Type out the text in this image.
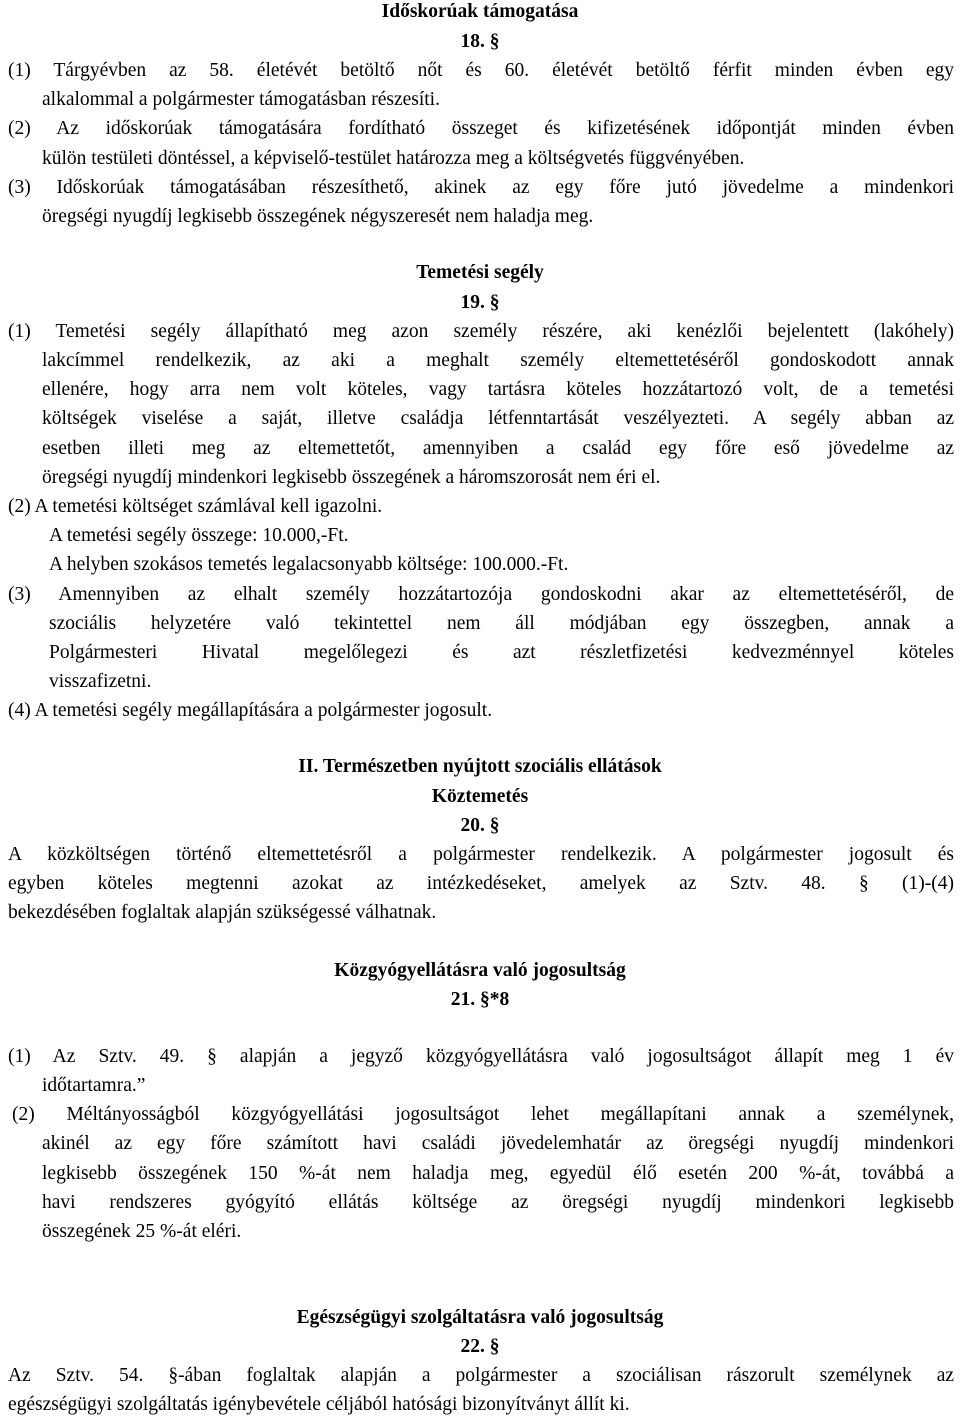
Időskorúak támogatása
18. §
(1) Tárgyévben az 58. életévét betöltő nőt és 60. életévét betöltő férfit minden évben egy
alkalommal a polgármester támogatásban részesíti.
(2) Az időskorúak támogatására fordítható összeget és kifizetésének időpontját minden évben
külön testületi döntéssel, a képviselő-testület határozza meg a költségvetés függvényében.
(3) Időskorúak támogatásában részesíthető, akinek az egy főre jutó jövedelme a mindenkori
öregségi nyugdíj legkisebb összegének négyszeresét nem haladja meg.
Temetési segély
19. §
(1) Temetési segély állapítható meg azon személy részére, aki kenézlői bejelentett (lakóhely)
lakcímmel rendelkezik, az aki a meghalt személy eltemettetéséről gondoskodott annak
ellenére, hogy arra nem volt köteles, vagy tartásra köteles hozzátartozó volt, de a temetési
költségek viselése a saját, illetve családja létfenntartását veszélyezteti. A segély abban az
esetben illeti meg az eltemettetőt, amennyiben a család egy főre eső jövedelme az
öregségi nyugdíj mindenkori legkisebb összegének a háromszorosát nem éri el.
(2) A temetési költséget számlával kell igazolni.
A temetési segély összege: 10.000,-Ft.
A helyben szokásos temetés legalacsonyabb költsége: 100.000.-Ft.
(3) Amennyiben az elhalt személy hozzátartozója gondoskodni akar az eltemettetéséről, de
szociális helyzetére való tekintettel nem áll módjában egy összegben, annak a
Polgármesteri Hivatal megelőlegezi és azt részletfizetési kedvezménnyel köteles
visszafizetni.
(4) A temetési segély megállapítására a polgármester jogosult.
II. Természetben nyújtott szociális ellátások
Köztemetés
20. §
A közköltségen történő eltemettetésről a polgármester rendelkezik. A polgármester jogosult és
egyben köteles megtenni azokat az intézkedéseket, amelyek az Sztv. 48. § (1)-(4)
bekezdésében foglaltak alapján szükségessé válhatnak.
Közgyógyellátásra való jogosultság
21. §*8
(1) Az Sztv. 49. § alapján a jegyző közgyógyellátásra való jogosultságot állapít meg 1 év
időtartamra.”
(2) Méltányosságból közgyógyellátási jogosultságot lehet megállapítani annak a személynek,
akinél az egy főre számított havi családi jövedelemhatár az öregségi nyugdíj mindenkori
legkisebb összegének 150 %-át nem haladja meg, egyedül élő esetén 200 %-át, továbbá a
havi rendszeres gyógyító ellátás költsége az öregségi nyugdíj mindenkori legkisebb
összegének 25 %-át eléri.
Egészségügyi szolgáltatásra való jogosultság
22. §
Az Sztv. 54. §-ában foglaltak alapján a polgármester a szociálisan rászorult személynek az
egészségügyi szolgáltatás igénybevétele céljából hatósági bizonyítványt állít ki.
